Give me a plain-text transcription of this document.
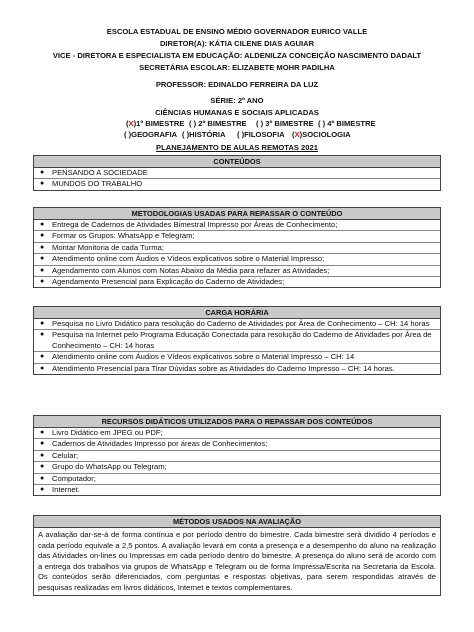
ESCOLA ESTADUAL DE ENSINO MÉDIO GOVERNADOR EURICO VALLE
DIRETOR(A): KÁTIA CILENE DIAS AGUIAR
VICE - DIRETORA E ESPECIALISTA EM EDUCAÇÃO: ALDENILZA CONCEIÇÃO NASCIMENTO DADALT
SECRETÁRIA ESCOLAR: ELIZABETE MOHR PADILHA
PROFESSOR: EDINALDO FERREIRA DA LUZ
SÉRIE: 2º ANO
CIÊNCIAS HUMANAS E SOCIAIS APLICADAS
(X)1º BIMESTRE ( ) 2º BIMESTRE ( ) 3º BIMESTRE ( ) 4º BIMESTRE
( )GEOGRAFIA ( )HISTÓRIA ( )FILOSOFIA (X)SOCIOLOGIA
PLANEJAMENTO DE AULAS REMOTAS 2021
CONTEÚDOS
● PENSANDO A SOCIEDADE
● MUNDOS DO TRABALHO
METODOLOGIAS USADAS PARA REPASSAR O CONTEÚDO
● Entrega de Cadernos de Atividades Bimestral Impresso por Áreas de Conhecimento;
● Formar os Grupos: WhatsApp e Telegram;
● Montar Monitoria de cada Turma;
● Atendimento online com Áudios e Vídeos explicativos sobre o Material Impresso;
● Agendamento com Alunos com Notas Abaixo da Média para refazer as Atividades;
● Agendamento Presencial para Explicação do Caderno de Atividades;
CARGA HORÁRIA
● Pesquisa no Livro Didático para resolução do Caderno de Atividades por Área de Conhecimento – CH: 14 horas
● Pesquisa na Internet pelo Programa Educação Conectada para resolução do Caderno de Atividades por Área de Conhecimento – CH: 14 horas
● Atendimento online com Áudios e Vídeos explicativos sobre o Material Impresso – CH: 14
● Atendimento Presencial para Tirar Dúvidas sobre as Atividades do Caderno Impresso – CH: 14 horas.
RECURSOS DIDÁTICOS UTILIZADOS PARA O REPASSAR DOS CONTEÚDOS
● Livro Didático em JPEG ou PDF;
● Cadernos de Atividades Impresso por áreas de Conhecimentos;
● Celular;
● Grupo do WhatsApp ou Telegram;
● Computador;
● Internet.
MÉTODOS USADOS NA AVALIAÇÃO
A avaliação dar-se-á de forma contínua e por período dentro do bimestre. Cada bimestre será dividido 4 períodos e cada período equivale a 2,5 pontos. A avaliação levará em conta a presença e a desempenho do aluno na realização das Atividades on-lines ou Impressas em cada período dentro do bimestre. A presença do aluno será de acordo com a entrega dos trabalhos via grupos de WhatsApp e Telegram ou de forma Impressa/Escrita na Secretaria da Escola. Os conteúdos serão diferenciados, com perguntas e respostas objetivas, para serem respondidas através de pesquisas realizadas em livros didáticos, Internet e textos complementares.
